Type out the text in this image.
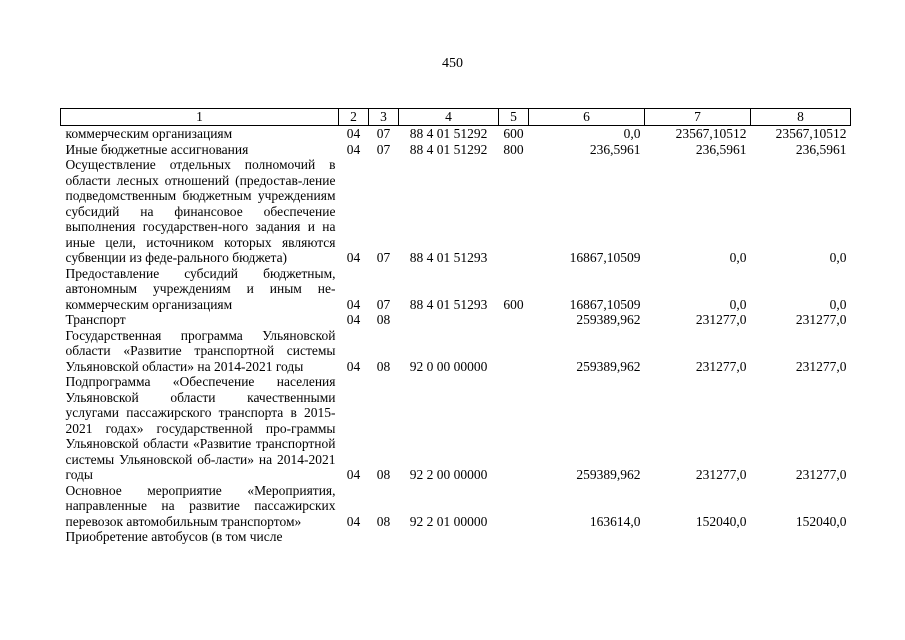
450
1	2	3	4	5	6	7	8
коммерческим организациям	04	07	88 4 01 51292	600	0,0	23567,10512	23567,10512
Иные бюджетные ассигнования	04	07	88 4 01 51292	800	236,5961	236,5961	236,5961
Осуществление отдельных полномочий в области лесных отношений (предостав-ление подведомственным бюджетным учреждениям субсидий на финансовое обеспечение выполнения государствен-ного задания и на иные цели, источником которых являются субвенции из феде-рального бюджета)	04	07	88 4 01 51293		16867,10509	0,0	0,0
Предоставление субсидий бюджетным, автономным учреждениям и иным не-коммерческим организациям	04	07	88 4 01 51293	600	16867,10509	0,0	0,0
Транспорт	04	08			259389,962	231277,0	231277,0
Государственная программа Ульяновской области «Развитие транспортной системы Ульяновской области» на 2014-2021 годы	04	08	92 0 00 00000		259389,962	231277,0	231277,0
Подпрограмма «Обеспечение населения Ульяновской области качественными услугами пассажирского транспорта в 2015-2021 годах» государственной про-граммы Ульяновской области «Развитие транспортной системы Ульяновской об-ласти» на 2014-2021 годы	04	08	92 2 00 00000		259389,962	231277,0	231277,0
Основное мероприятие «Мероприятия, направленные на развитие пассажирских перевозок автомобильным транспортом»	04	08	92 2 01 00000		163614,0	152040,0	152040,0
Приобретение автобусов (в том числе							
